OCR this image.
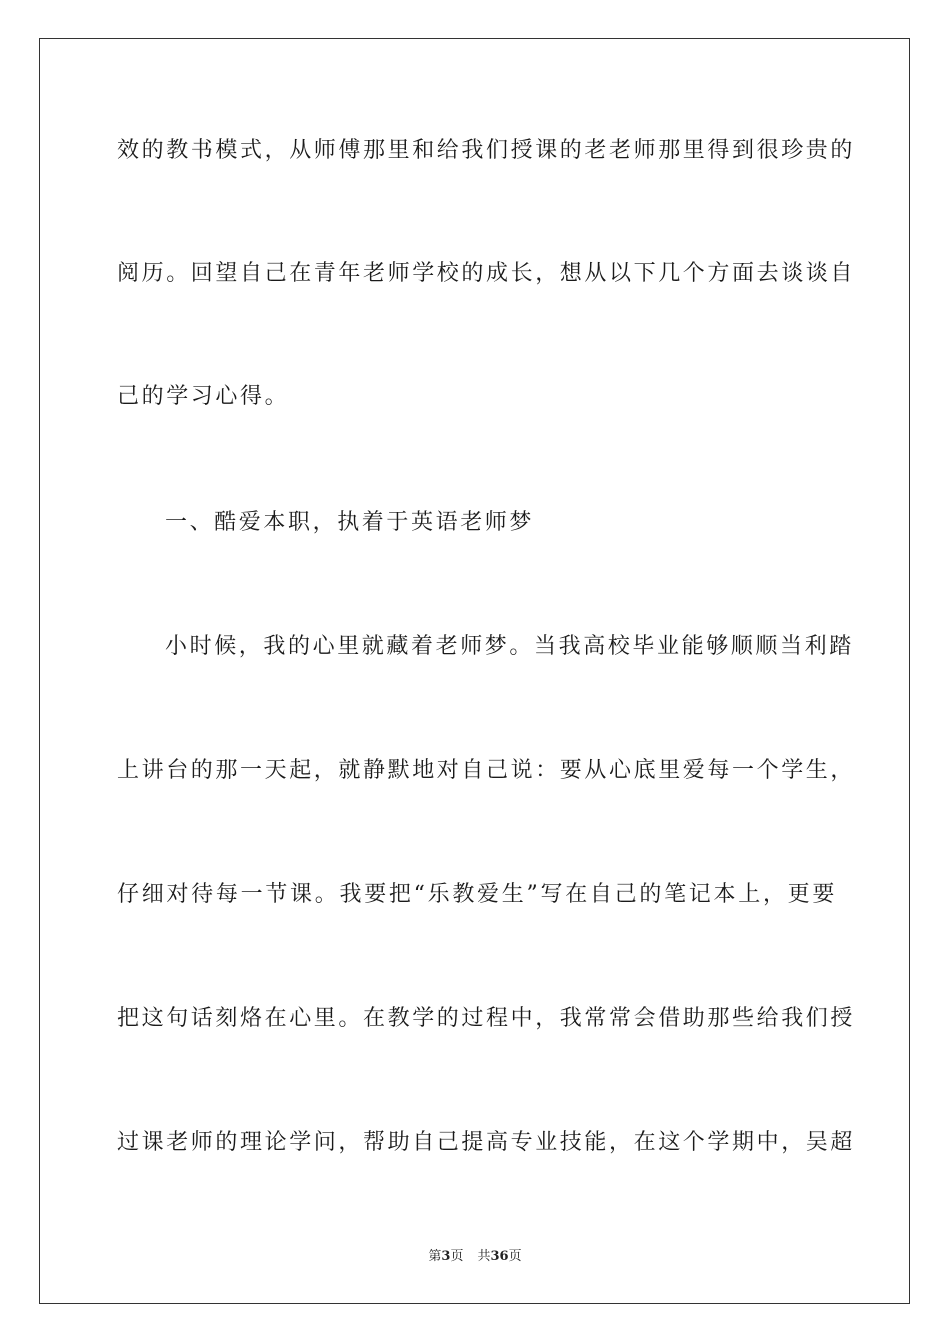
效的教书模式，从师傅那里和给我们授课的老老师那里得到很珍贵的
阅历。回望自己在青年老师学校的成长，想从以下几个方面去谈谈自
己的学习心得。
一、酷爱本职，执着于英语老师梦
小时候，我的心里就藏着老师梦。当我高校毕业能够顺顺当利踏
上讲台的那一天起，就静默地对自己说：要从心底里爱每一个学生，
仔细对待每一节课。我要把“乐教爱生”写在自己的笔记本上，更要
把这句话刻烙在心里。在教学的过程中，我常常会借助那些给我们授
过课老师的理论学问，帮助自己提高专业技能，在这个学期中，吴超
第3页 共36页
